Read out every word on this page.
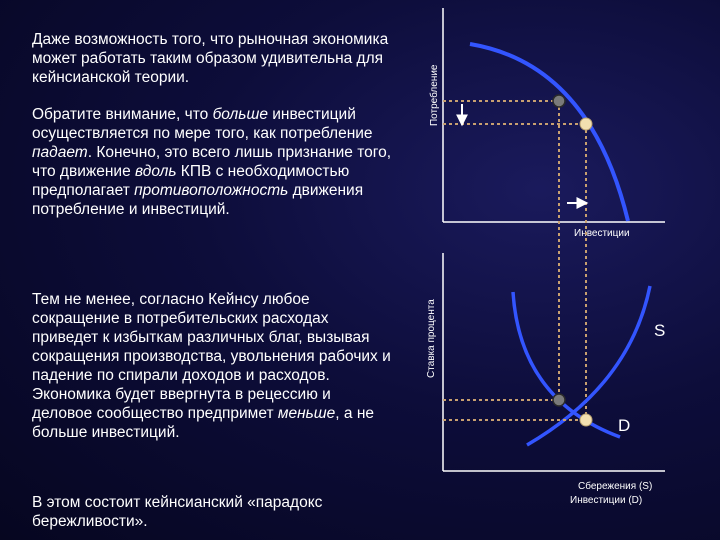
Даже возможность того, что рыночная экономика может работать таким образом удивительна для кейнсианской теории.

Обратите внимание, что больше инвестиций осуществляется по мере того, как потребление падает. Конечно, это всего лишь признание того, что движение вдоль КПВ с необходимостью предполагает противоположность движения потребление и инвестиций.

Тем не менее, согласно Кейнсу любое сокращение в потребительских расходах приведет к избыткам различных благ, вызывая сокращения производства, увольнения рабочих и падение по спирали доходов и расходов. Экономика будет ввергнута в рецессию и деловое сообщество предпримет меньше, а не больше инвестиций.

В этом состоит кейнсианский «парадокс бережливости».

Потребление
Инвестиции
Ставка процента
Сбережения (S)
Инвестиции (D)
S
D
